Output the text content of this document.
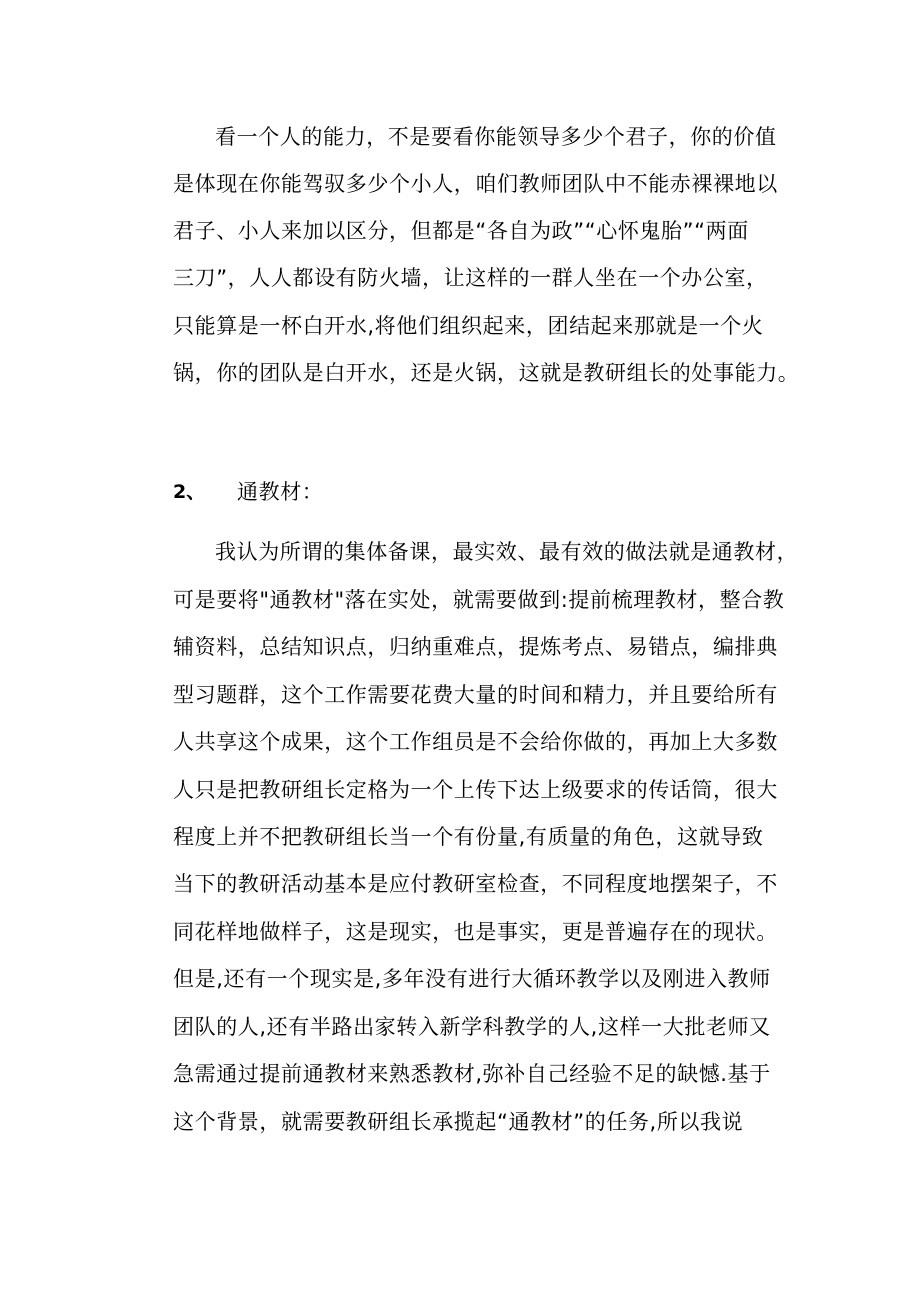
看一个人的能力，不是要看你能领导多少个君子，你的价值
是体现在你能驾驭多少个小人，咱们教师团队中不能赤裸裸地以
君子、小人来加以区分，但都是“各自为政”“心怀鬼胎”“两面
三刀”，人人都设有防火墙，让这样的一群人坐在一个办公室，
只能算是一杯白开水,将他们组织起来，团结起来那就是一个火
锅，你的团队是白开水，还是火锅，这就是教研组长的处事能力。
2、 通教材：
我认为所谓的集体备课，最实效、最有效的做法就是通教材，
可是要将"通教材"落在实处，就需要做到:提前梳理教材，整合教
辅资料，总结知识点，归纳重难点，提炼考点、易错点，编排典
型习题群，这个工作需要花费大量的时间和精力，并且要给所有
人共享这个成果，这个工作组员是不会给你做的，再加上大多数
人只是把教研组长定格为一个上传下达上级要求的传话筒，很大
程度上并不把教研组长当一个有份量,有质量的角色，这就导致
当下的教研活动基本是应付教研室检查，不同程度地摆架子，不
同花样地做样子，这是现实，也是事实，更是普遍存在的现状。
但是,还有一个现实是,多年没有进行大循环教学以及刚进入教师
团队的人,还有半路出家转入新学科教学的人,这样一大批老师又
急需通过提前通教材来熟悉教材,弥补自己经验不足的缺憾.基于
这个背景，就需要教研组长承揽起“通教材”的任务,所以我说
